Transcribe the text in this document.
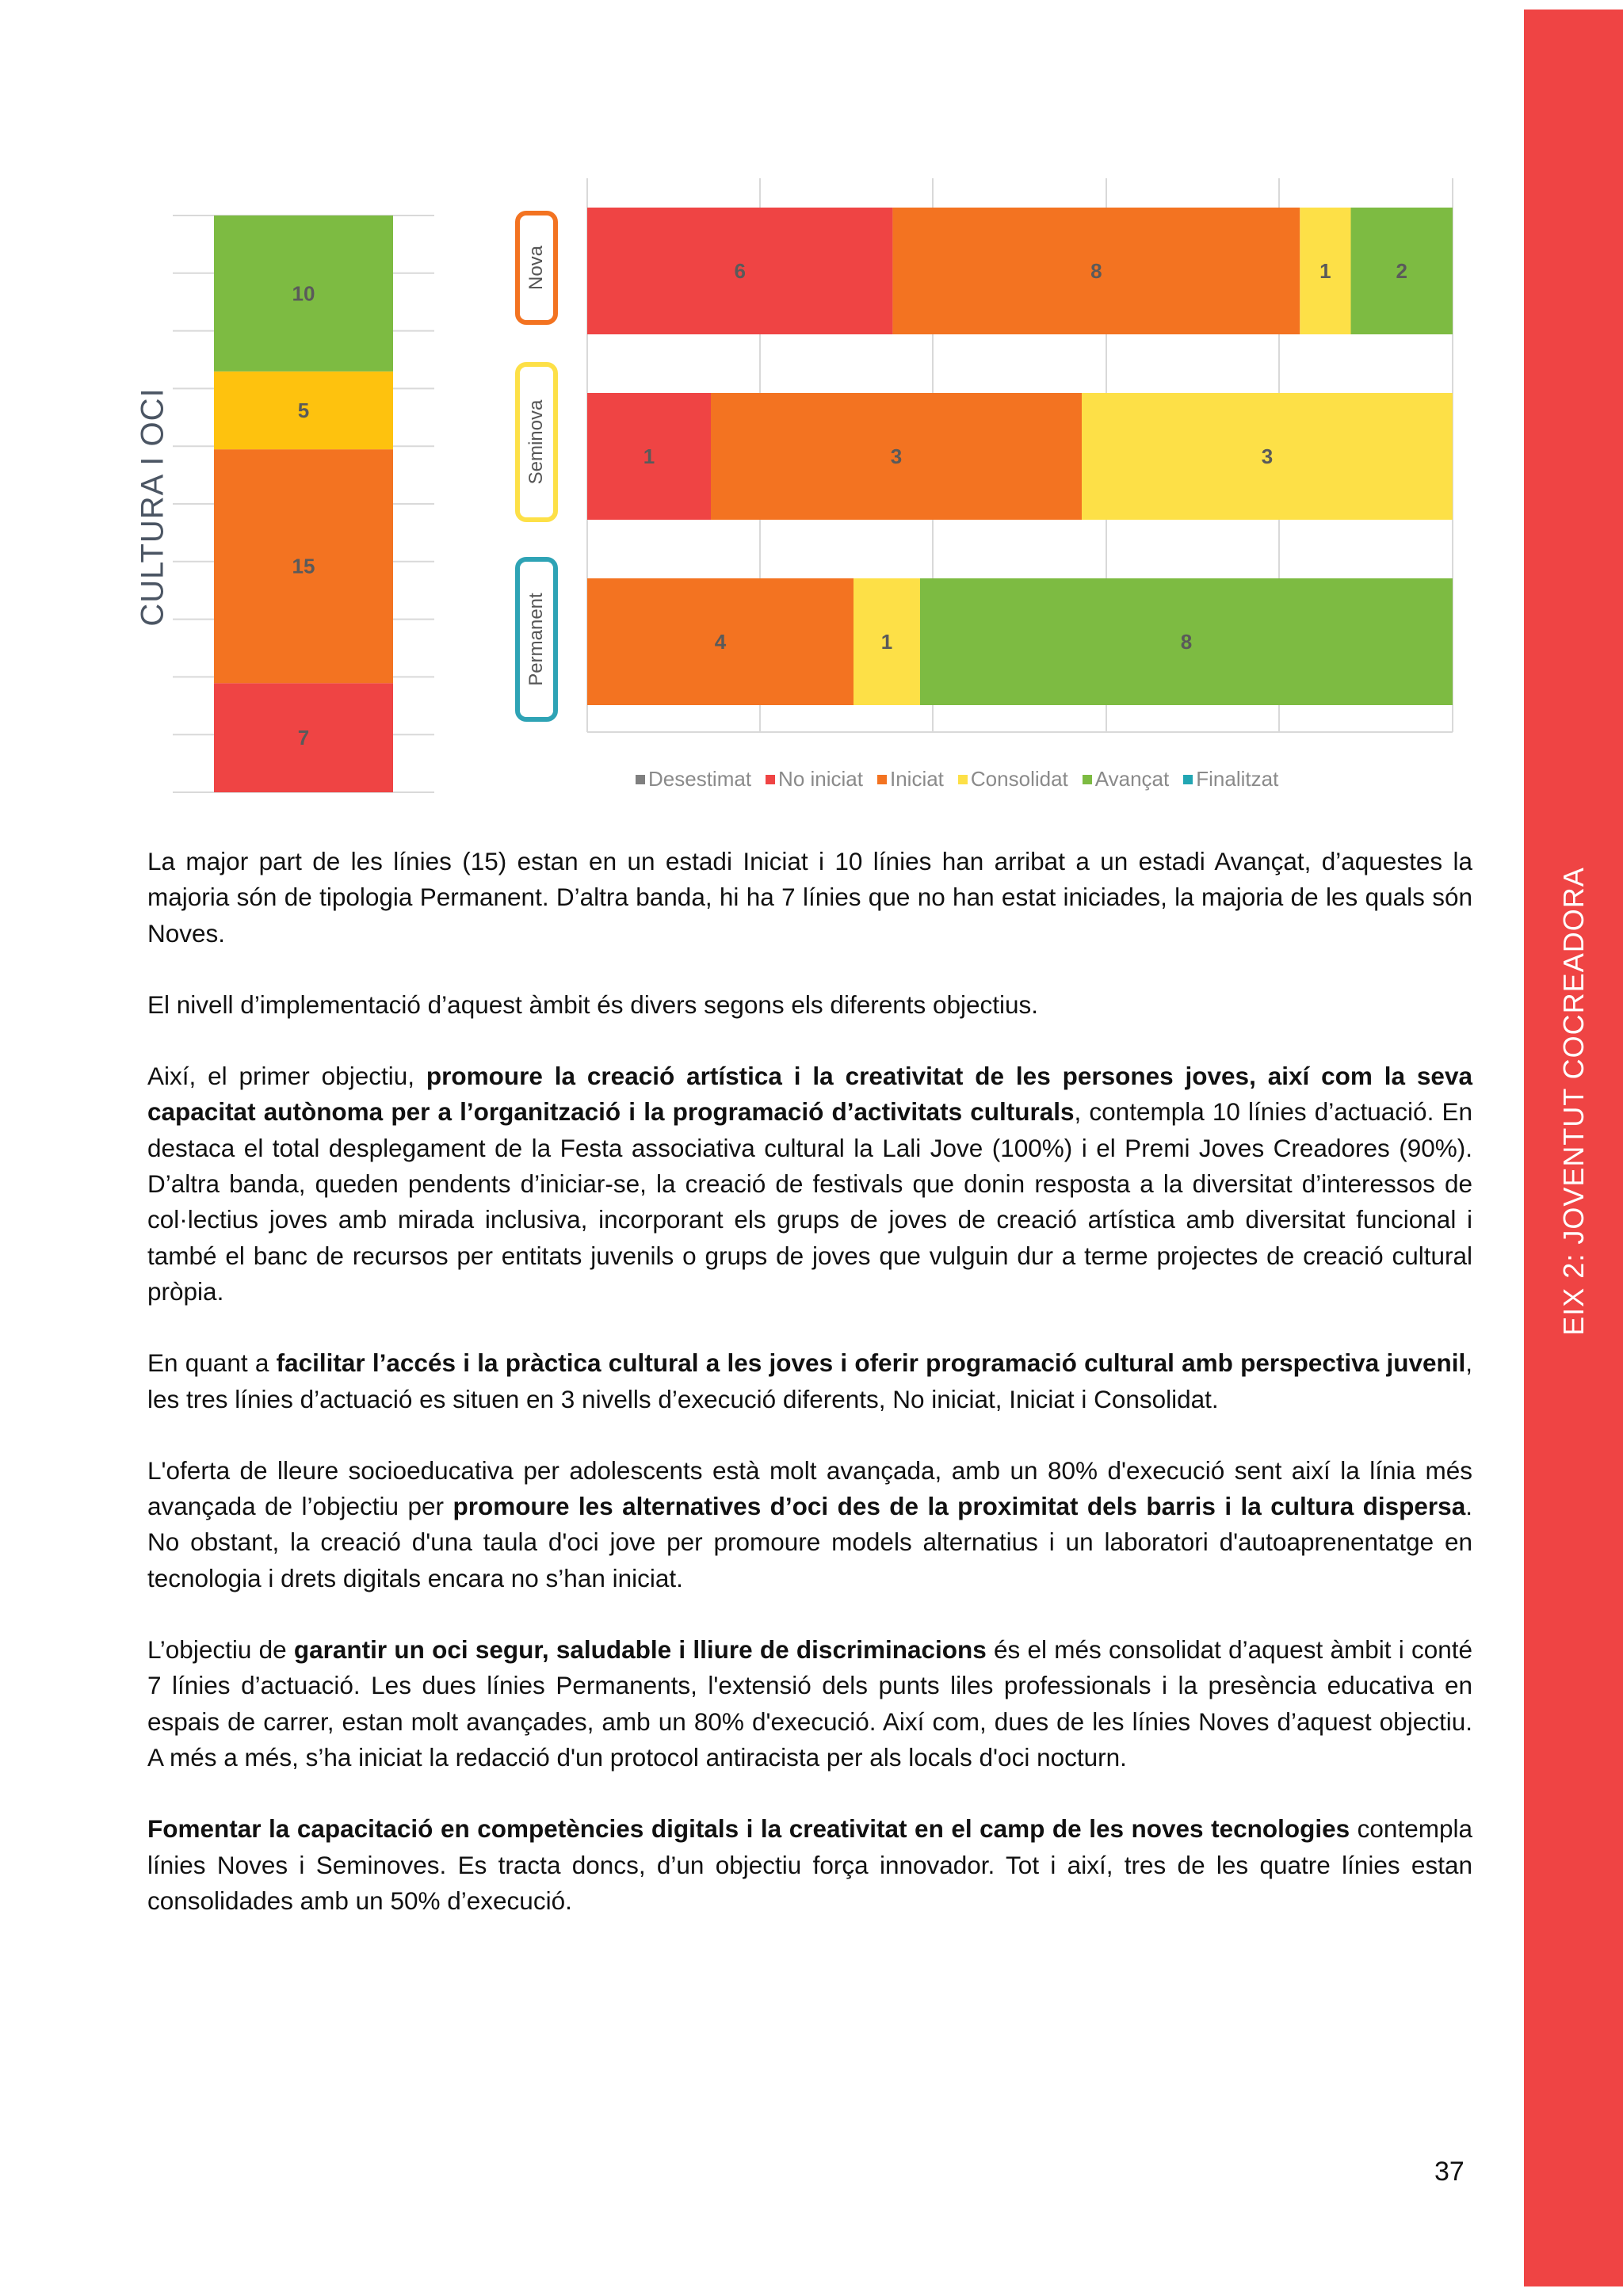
EIX 2: JOVENTUT COCREADORA
CULTURA I OCI
7
15
5
10
6	8	1	2
1	3	3
4	1	8
Nova
Seminova
Permanent
Desestimat No iniciat Iniciat Consolidat Avançat Finalitzat

La major part de les línies (15) estan en un estadi Iniciat i 10 línies han arribat a un estadi Avançat, d’aquestes la majoria són de tipologia Permanent. D’altra banda, hi ha 7 línies que no han estat iniciades, la majoria de les quals són Noves.

El nivell d’implementació d’aquest àmbit és divers segons els diferents objectius.

Així, el primer objectiu, promoure la creació artística i la creativitat de les persones joves, així com la seva capacitat autònoma per a l’organització i la programació d’activitats culturals, contempla 10 línies d’actuació. En destaca el total desplegament de la Festa associativa cultural la Lali Jove (100%) i el Premi Joves Creadores (90%). D’altra banda, queden pendents d’iniciar-se, la creació de festivals que donin resposta a la diversitat d’interessos de col·lectius joves amb mirada inclusiva, incorporant els grups de joves de creació artística amb diversitat funcional i també el banc de recursos per entitats juvenils o grups de joves que vulguin dur a terme projectes de creació cultural pròpia.

En quant a facilitar l’accés i la pràctica cultural a les joves i oferir programació cultural amb perspectiva juvenil, les tres línies d’actuació es situen en 3 nivells d’execució diferents, No iniciat, Iniciat i Consolidat.

L'oferta de lleure socioeducativa per adolescents està molt avançada, amb un 80% d'execució sent així la línia més avançada de l’objectiu per promoure les alternatives d’oci des de la proximitat dels barris i la cultura dispersa. No obstant, la creació d'una taula d'oci jove per promoure models alternatius i un laboratori d'autoaprenentatge en tecnologia i drets digitals encara no s’han iniciat.

L’objectiu de garantir un oci segur, saludable i lliure de discriminacions és el més consolidat d’aquest àmbit i conté 7 línies d’actuació. Les dues línies Permanents, l'extensió dels punts liles professionals i la presència educativa en espais de carrer, estan molt avançades, amb un 80% d'execució. Així com, dues de les línies Noves d’aquest objectiu. A més a més, s’ha iniciat la redacció d'un protocol antiracista per als locals d'oci nocturn.

Fomentar la capacitació en competències digitals i la creativitat en el camp de les noves tecnologies contempla línies Noves i Seminoves. Es tracta doncs, d’un objectiu força innovador. Tot i així, tres de les quatre línies estan consolidades amb un 50% d’execució.

37
